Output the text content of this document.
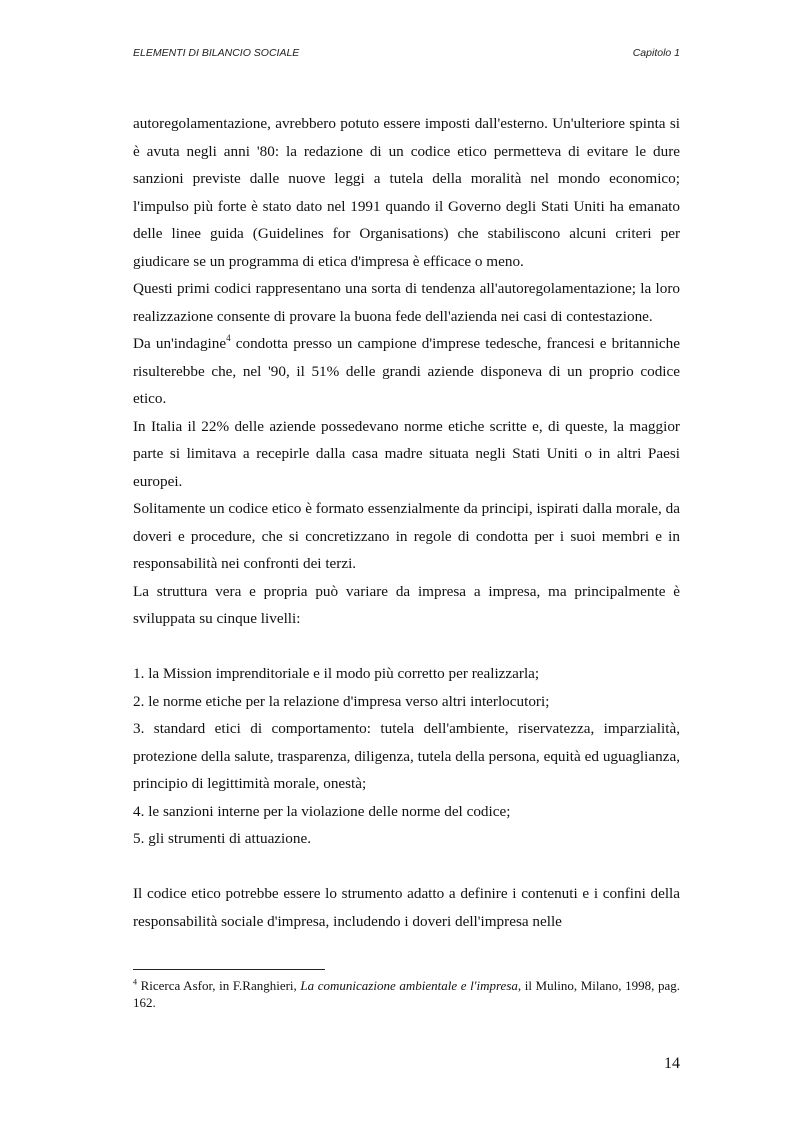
ELEMENTI DI BILANCIO SOCIALE	Capitolo 1

autoregolamentazione, avrebbero potuto essere imposti dall'esterno. Un'ulteriore spinta si è avuta negli anni '80: la redazione di un codice etico permetteva di evitare le dure sanzioni previste dalle nuove leggi a tutela della moralità nel mondo economico; l'impulso più forte è stato dato nel 1991 quando il Governo degli Stati Uniti ha emanato delle linee guida (Guidelines for Organisations) che stabiliscono alcuni criteri per giudicare se un programma di etica d'impresa è efficace o meno.

Questi primi codici rappresentano una sorta di tendenza all'autoregolamentazione; la loro realizzazione consente di provare la buona fede dell'azienda nei casi di contestazione.

Da un'indagine$^4$ condotta presso un campione d'imprese tedesche, francesi e britanniche risulterebbe che, nel '90, il 51% delle grandi aziende disponeva di un proprio codice etico.

In Italia il 22% delle aziende possedevano norme etiche scritte e, di queste, la maggior parte si limitava a recepirle dalla casa madre situata negli Stati Uniti o in altri Paesi europei.

Solitamente un codice etico è formato essenzialmente da principi, ispirati dalla morale, da doveri e procedure, che si concretizzano in regole di condotta per i suoi membri e in responsabilità nei confronti dei terzi.

La struttura vera e propria può variare da impresa a impresa, ma principalmente è sviluppata su cinque livelli:

1. la Mission imprenditoriale e il modo più corretto per realizzarla;

2. le norme etiche per la relazione d'impresa verso altri interlocutori;

3. standard etici di comportamento: tutela dell'ambiente, riservatezza, imparzialità, protezione della salute, trasparenza, diligenza, tutela della persona, equità ed uguaglianza, principio di legittimità morale, onestà;

4. le sanzioni interne per la violazione delle norme del codice;

5. gli strumenti di attuazione.

Il codice etico potrebbe essere lo strumento adatto a definire i contenuti e i confini della responsabilità sociale d'impresa, includendo i doveri dell'impresa nelle

$^4$ Ricerca Asfor, in F.Ranghieri, La comunicazione ambientale e l'impresa, il Mulino, Milano, 1998, pag. 162.
14
